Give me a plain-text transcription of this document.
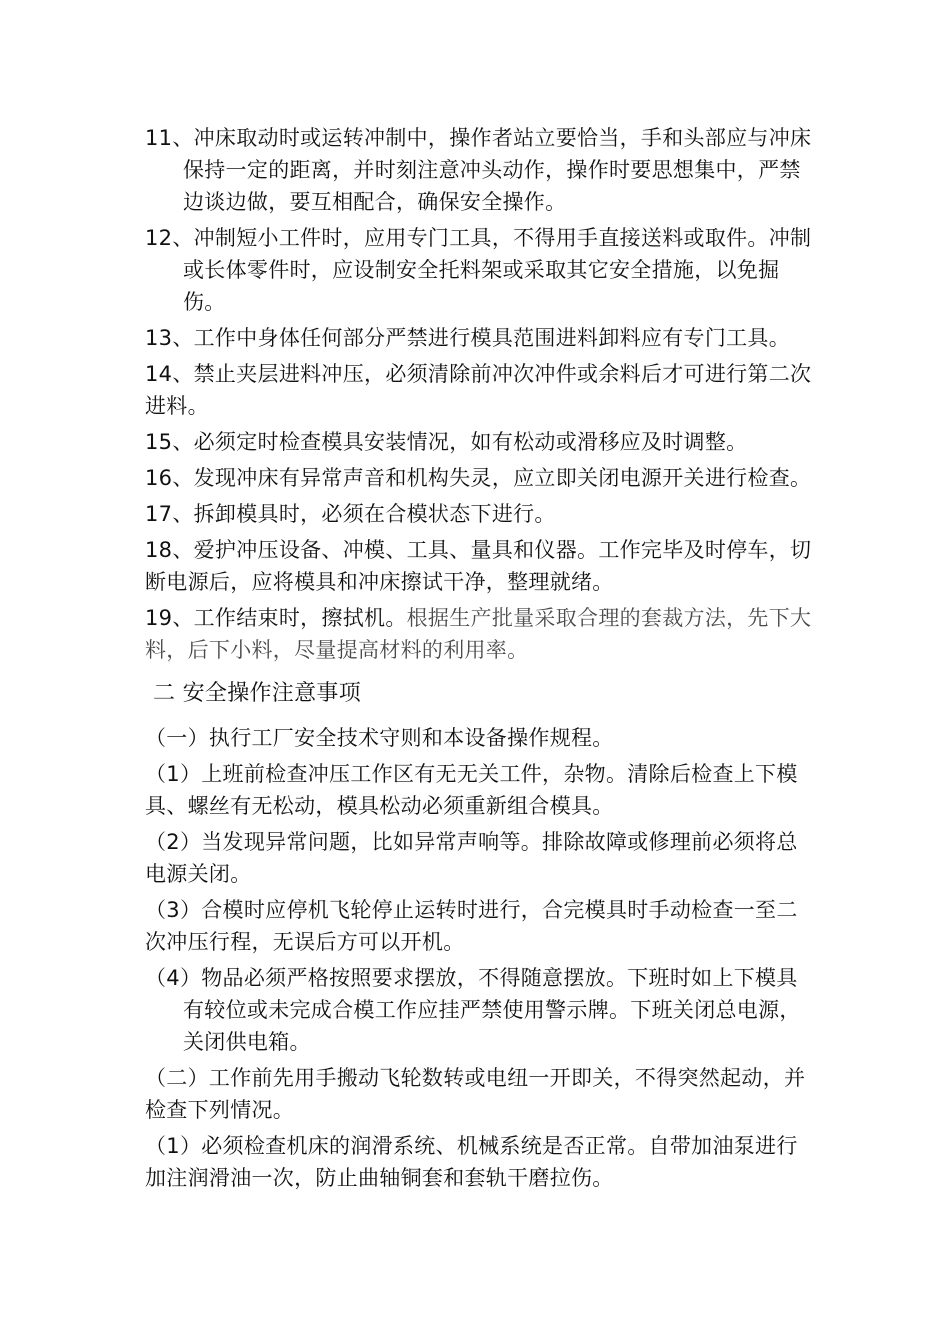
11、冲床取动时或运转冲制中，操作者站立要恰当，手和头部应与冲床保持一定的距离，并时刻注意冲头动作，操作时要思想集中，严禁边谈边做，要互相配合，确保安全操作。

12、冲制短小工件时，应用专门工具，不得用手直接送料或取件。冲制或长体零件时，应设制安全托料架或采取其它安全措施，以免掘伤。

13、工作中身体任何部分严禁进行模具范围进料卸料应有专门工具。

14、禁止夹层进料冲压，必须清除前冲次冲件或余料后才可进行第二次进料。

15、必须定时检查模具安装情况，如有松动或滑移应及时调整。

16、发现冲床有异常声音和机构失灵，应立即关闭电源开关进行检查。

17、拆卸模具时，必须在合模状态下进行。

18、爱护冲压设备、冲模、工具、量具和仪器。工作完毕及时停车，切断电源后，应将模具和冲床擦试干净，整理就绪。

19、工作结束时，擦拭机。根据生产批量采取合理的套裁方法，先下大料，后下小料，尽量提高材料的利用率。

二 安全操作注意事项

（一）执行工厂安全技术守则和本设备操作规程。

（1）上班前检查冲压工作区有无无关工件，杂物。清除后检查上下模具、螺丝有无松动，模具松动必须重新组合模具。

（2）当发现异常问题，比如异常声响等。排除故障或修理前必须将总电源关闭。

（3）合模时应停机飞轮停止运转时进行，合完模具时手动检查一至二次冲压行程，无误后方可以开机。

（4）物品必须严格按照要求摆放，不得随意摆放。下班时如上下模具有较位或未完成合模工作应挂严禁使用警示牌。下班关闭总电源，关闭供电箱。

（二）工作前先用手搬动飞轮数转或电纽一开即关，不得突然起动，并检查下列情况。

（1）必须检查机床的润滑系统、机械系统是否正常。自带加油泵进行加注润滑油一次，防止曲轴铜套和套轨干磨拉伤。
